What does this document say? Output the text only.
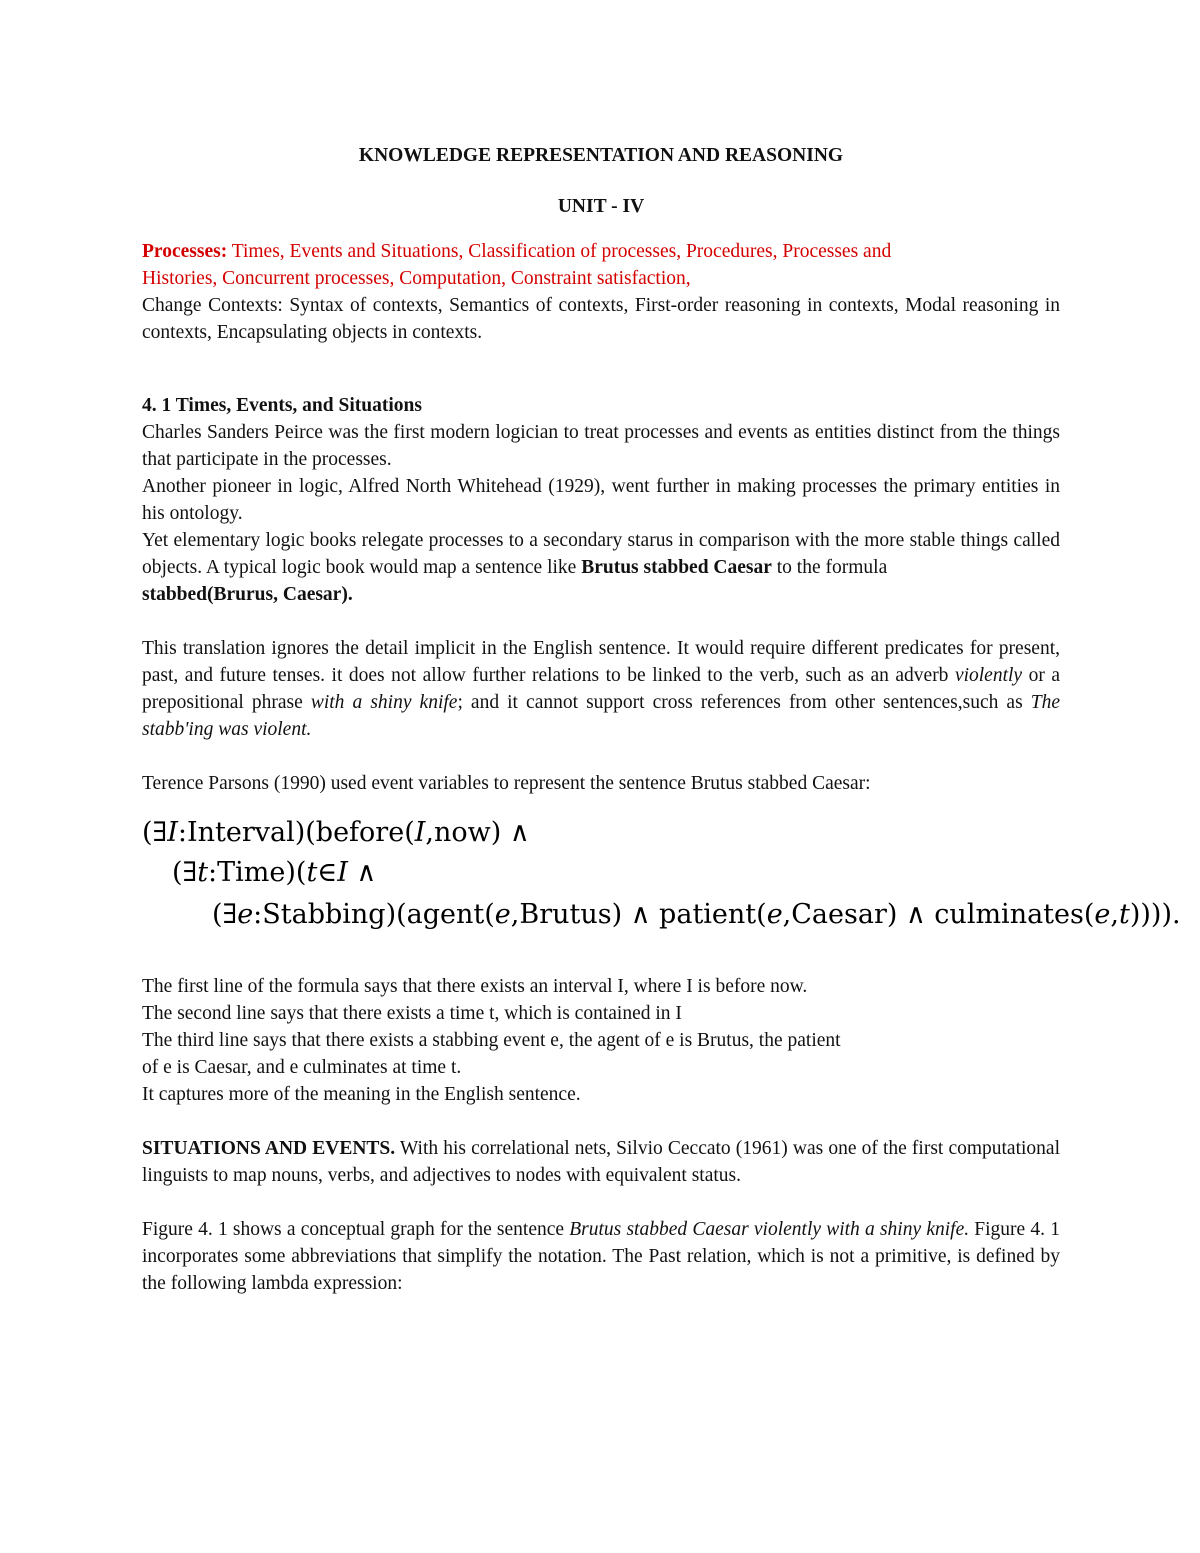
KNOWLEDGE REPRESENTATION AND REASONING
UNIT - IV
Processes: Times, Events and Situations, Classification of processes, Procedures, Processes and
Histories, Concurrent processes, Computation, Constraint satisfaction,
Change Contexts: Syntax of contexts, Semantics of contexts, First-order reasoning in contexts, Modal reasoning in contexts, Encapsulating objects in contexts.
4. 1 Times, Events, and Situations
Charles Sanders Peirce was the first modern logician to treat processes and events as entities distinct from the things that participate in the processes.
Another pioneer in logic, Alfred North Whitehead (1929), went further in making processes the primary entities in his ontology.
Yet elementary logic books relegate processes to a secondary starus in comparison with the more stable things called objects. A typical logic book would map a sentence like Brutus stabbed Caesar to the formula
stabbed(Brurus, Caesar).
This translation ignores the detail implicit in the English sentence. It would require different predicates for present, past, and future tenses. it does not allow further relations to be linked to the verb, such as an adverb violently or a prepositional phrase with a shiny knife; and it cannot support cross references from other sentences,such as The stabb'ing was violent.
Terence Parsons (1990) used event variables to represent the sentence Brutus stabbed Caesar:
(∃I:Interval)(before(I,now) ∧
(∃t:Time)(t∈I ∧
(∃e:Stabbing)(agent(e,Brutus) ∧ patient(e,Caesar) ∧ culminates(e,t)))).
The first line of the formula says that there exists an interval I, where I is before now.
The second line says that there exists a time t, which is contained in I
The third line says that there exists a stabbing event e, the agent of e is Brutus, the patient
of e is Caesar, and e culminates at time t.
It captures more of the meaning in the English sentence.
SITUATIONS AND EVENTS. With his correlational nets, Silvio Ceccato (1961) was one of the first computational linguists to map nouns, verbs, and adjectives to nodes with equivalent status.
Figure 4. 1 shows a conceptual graph for the sentence Brutus stabbed Caesar violently with a shiny knife. Figure 4. 1 incorporates some abbreviations that simplify the notation. The Past relation, which is not a primitive, is defined by the following lambda expression:
